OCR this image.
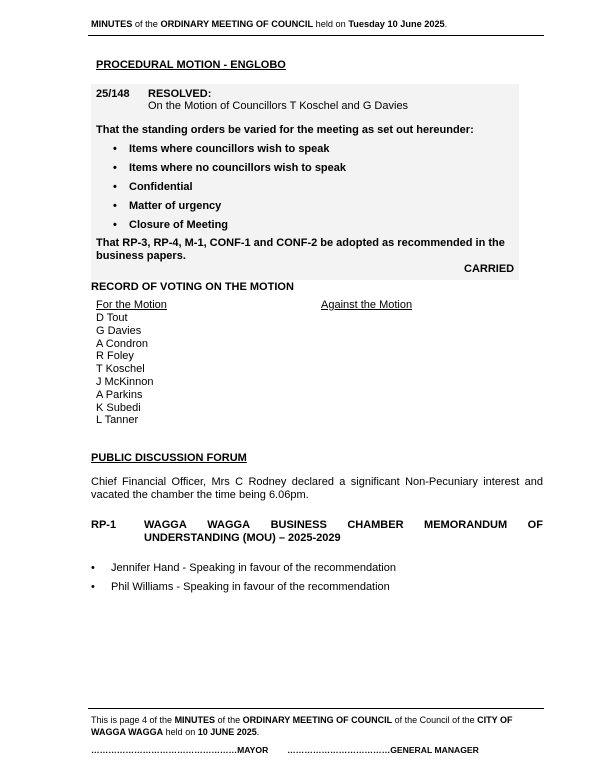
MINUTES of the ORDINARY MEETING OF COUNCIL held on Tuesday 10 June 2025.
PROCEDURAL MOTION - ENGLOBO
25/148 RESOLVED:
On the Motion of Councillors T Koschel and G Davies
That the standing orders be varied for the meeting as set out hereunder:
• Items where councillors wish to speak
• Items where no councillors wish to speak
• Confidential
• Matter of urgency
• Closure of Meeting
That RP-3, RP-4, M-1, CONF-1 and CONF-2 be adopted as recommended in the
business papers.
CARRIED
RECORD OF VOTING ON THE MOTION
For the Motion	Against the Motion
D Tout
G Davies
A Condron
R Foley
T Koschel
J McKinnon
A Parkins
K Subedi
L Tanner
PUBLIC DISCUSSION FORUM
Chief Financial Officer, Mrs C Rodney declared a significant Non-Pecuniary interest and
vacated the chamber the time being 6.06pm.
RP-1	WAGGA WAGGA BUSINESS CHAMBER MEMORANDUM OF
UNDERSTANDING (MOU) – 2025-2029
• Jennifer Hand - Speaking in favour of the recommendation
• Phil Williams - Speaking in favour of the recommendation
This is page 4 of the MINUTES of the ORDINARY MEETING OF COUNCIL of the Council of the CITY OF WAGGA WAGGA held on 10 JUNE 2025.
……………………………………………MAYOR ………………………………GENERAL MANAGER
